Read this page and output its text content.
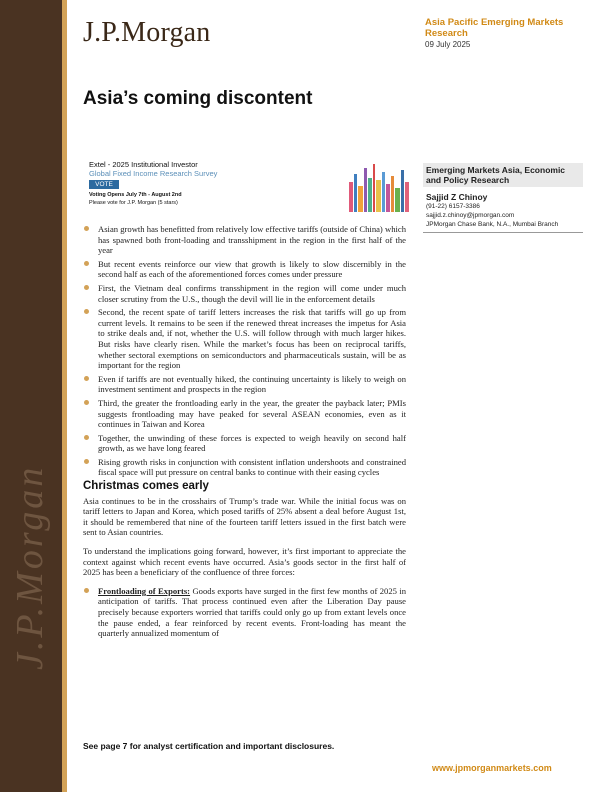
J.P.Morgan
J.P.Morgan	Asia Pacific Emerging Markets Research
09 July 2025
Asia’s coming discontent
Extel - 2025 Institutional Investor
Global Fixed Income Research Survey
VOTE
Voting Opens July 7th - August 2nd
Please vote for J.P. Morgan (5 stars)
Emerging Markets Asia, Economic and Policy Research
Sajjid Z Chinoy
(91-22) 6157-3386
sajjid.z.chinoy@jpmorgan.com
JPMorgan Chase Bank, N.A., Mumbai Branch
Asian growth has benefitted from relatively low effective tariffs (outside of China) which has spawned both front-loading and transshipment in the region in the first half of the year
But recent events reinforce our view that growth is likely to slow discernibly in the second half as each of the aforementioned forces comes under pressure
First, the Vietnam deal confirms transshipment in the region will come under much closer scrutiny from the U.S., though the devil will lie in the enforcement details
Second, the recent spate of tariff letters increases the risk that tariffs will go up from current levels. It remains to be seen if the renewed threat increases the impetus for Asia to strike deals and, if not, whether the U.S. will follow through with much larger hikes. But risks have clearly risen. While the market’s focus has been on reciprocal tariffs, whether sectoral exemptions on semiconductors and pharmaceuticals sustain, will be as important for the region
Even if tariffs are not eventually hiked, the continuing uncertainty is likely to weigh on investment sentiment and prospects in the region
Third, the greater the frontloading early in the year, the greater the payback later; PMIs suggests frontloading may have peaked for several ASEAN economies, even as it continues in Taiwan and Korea
Together, the unwinding of these forces is expected to weigh heavily on second half growth, as we have long feared
Rising growth risks in conjunction with consistent inflation undershoots and constrained fiscal space will put pressure on central banks to continue with their easing cycles
Christmas comes early

Asia continues to be in the crosshairs of Trump’s trade war. While the initial focus was on tariff letters to Japan and Korea, which posed tariffs of 25% absent a deal before August 1st, it should be remembered that nine of the fourteen tariff letters issued in the first batch were sent to Asian countries.

To understand the implications going forward, however, it’s first important to appreciate the context against which recent events have occurred. Asia’s goods sector in the first half of 2025 has been a beneficiary of the confluence of three forces:

Frontloading of Exports: Goods exports have surged in the first few months of 2025 in anticipation of tariffs. That process continued even after the Liberation Day pause precisely because exporters worried that tariffs could only go up from extant levels once the pause ended, a fear reinforced by recent events. Front-loading has meant the quarterly annualized momentum of
See page 7 for analyst certification and important disclosures.
www.jpmorganmarkets.com
